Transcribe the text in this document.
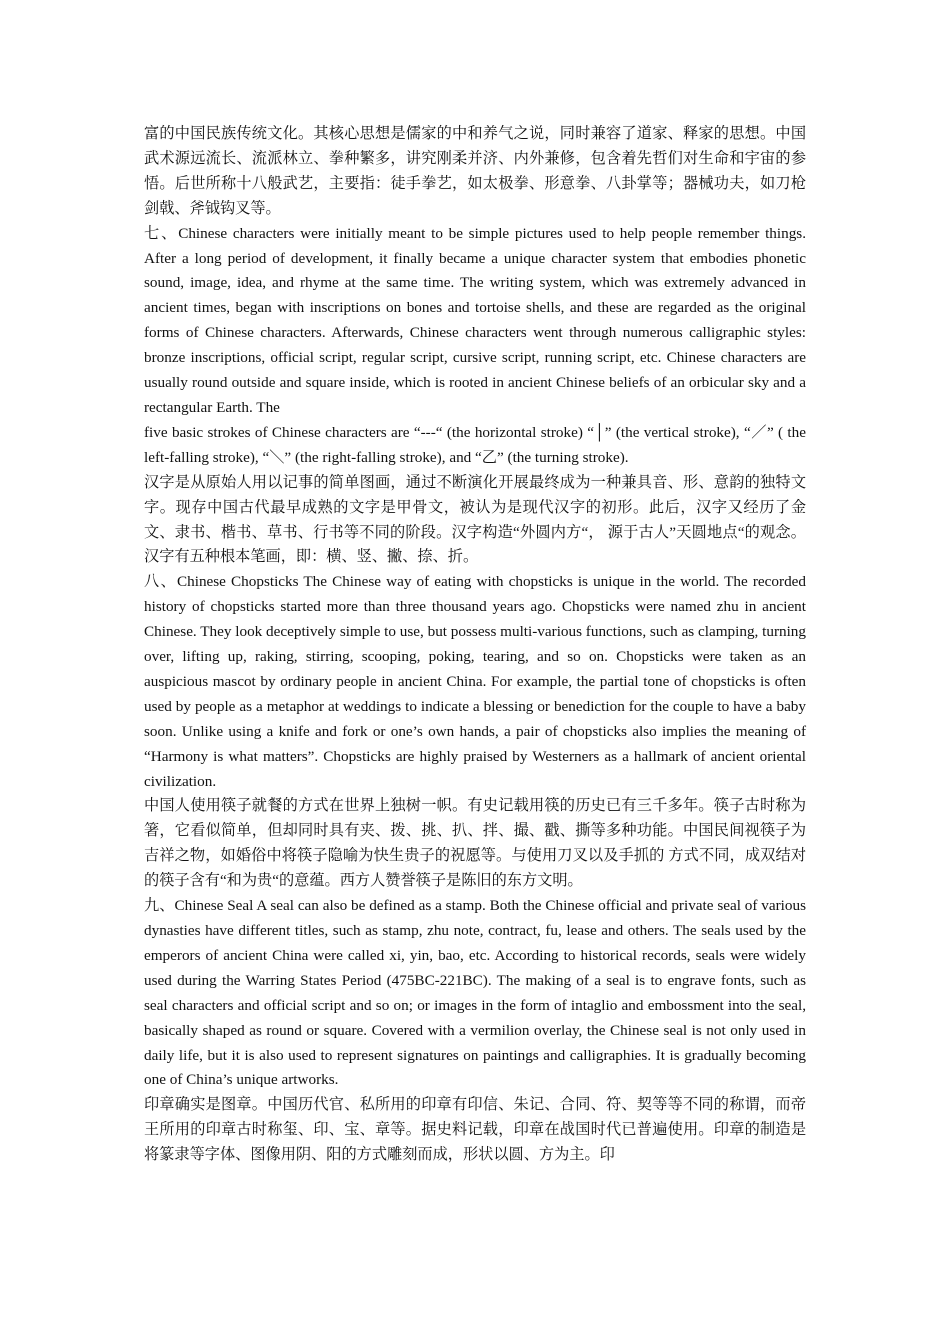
富的中国民族传统文化。其核心思想是儒家的中和养气之说，同时兼容了道家、释家的思想。中国武术源远流长、流派林立、拳种繁多，讲究刚柔并济、内外兼修，包含着先哲们对生命和宇宙的参悟。后世所称十八般武艺，主要指：徒手拳艺，如太极拳、形意拳、八卦掌等；器械功夫，如刀枪剑戟、斧钺钩叉等。

七、Chinese characters were initially meant to be simple pictures used to help people remember things. After a long period of development, it finally became a unique character system that embodies phonetic sound, image, idea, and rhyme at the same time. The writing system, which was extremely advanced in ancient times, began with inscriptions on bones and tortoise shells, and these are regarded as the original forms of Chinese characters. Afterwards, Chinese characters went through numerous calligraphic styles: bronze inscriptions, official script, regular script, cursive script, running script, etc. Chinese characters are usually round outside and square inside, which is rooted in ancient Chinese beliefs of an orbicular sky and a rectangular Earth. The

five basic strokes of Chinese characters are “---“ (the horizontal stroke) “│” (the vertical stroke), “／” ( the left-falling stroke), “＼” (the right-falling stroke), and “乙” (the turning stroke).

汉字是从原始人用以记事的简单图画，通过不断演化开展最终成为一种兼具音、形、意韵的独特文字。现存中国古代最早成熟的文字是甲骨文，被认为是现代汉字的初形。此后，汉字又经历了金文、隶书、楷书、草书、行书等不同的阶段。汉字构造“外圆内方“， 源于古人”天圆地点“的观念。汉字有五种根本笔画，即：横、竖、撇、捺、折。

八、Chinese Chopsticks The Chinese way of eating with chopsticks is unique in the world. The recorded history of chopsticks started more than three thousand years ago. Chopsticks were named zhu in ancient Chinese. They look deceptively simple to use, but possess multi-various functions, such as clamping, turning over, lifting up, raking, stirring, scooping, poking, tearing, and so on. Chopsticks were taken as an auspicious mascot by ordinary people in ancient China. For example, the partial tone of chopsticks is often used by people as a metaphor at weddings to indicate a blessing or benediction for the couple to have a baby soon. Unlike using a knife and fork or one’s own hands, a pair of chopsticks also implies the meaning of “Harmony is what matters”. Chopsticks are highly praised by Westerners as a hallmark of ancient oriental civilization.

中国人使用筷子就餐的方式在世界上独树一帜。有史记载用筷的历史已有三千多年。筷子古时称为箸，它看似简单，但却同时具有夹、拨、挑、扒、拌、撮、戳、撕等多种功能。中国民间视筷子为吉祥之物，如婚俗中将筷子隐喻为快生贵子的祝愿等。与使用刀叉以及手抓的 方式不同，成双结对的筷子含有“和为贵“的意蕴。西方人赞誉筷子是陈旧的东方文明。

九、Chinese Seal A seal can also be defined as a stamp. Both the Chinese official and private seal of various dynasties have different titles, such as stamp, zhu note, contract, fu, lease and others. The seals used by the emperors of ancient China were called xi, yin, bao, etc. According to historical records, seals were widely used during the Warring States Period (475BC-221BC). The making of a seal is to engrave fonts, such as seal characters and official script and so on; or images in the form of intaglio and embossment into the seal, basically shaped as round or square. Covered with a vermilion overlay, the Chinese seal is not only used in daily life, but it is also used to represent signatures on paintings and calligraphies. It is gradually becoming one of China’s unique artworks.

印章确实是图章。中国历代官、私所用的印章有印信、朱记、合同、符、契等等不同的称谓，而帝王所用的印章古时称玺、印、宝、章等。据史料记载，印章在战国时代已普遍使用。印章的制造是将篆隶等字体、图像用阴、阳的方式雕刻而成，形状以圆、方为主。印
